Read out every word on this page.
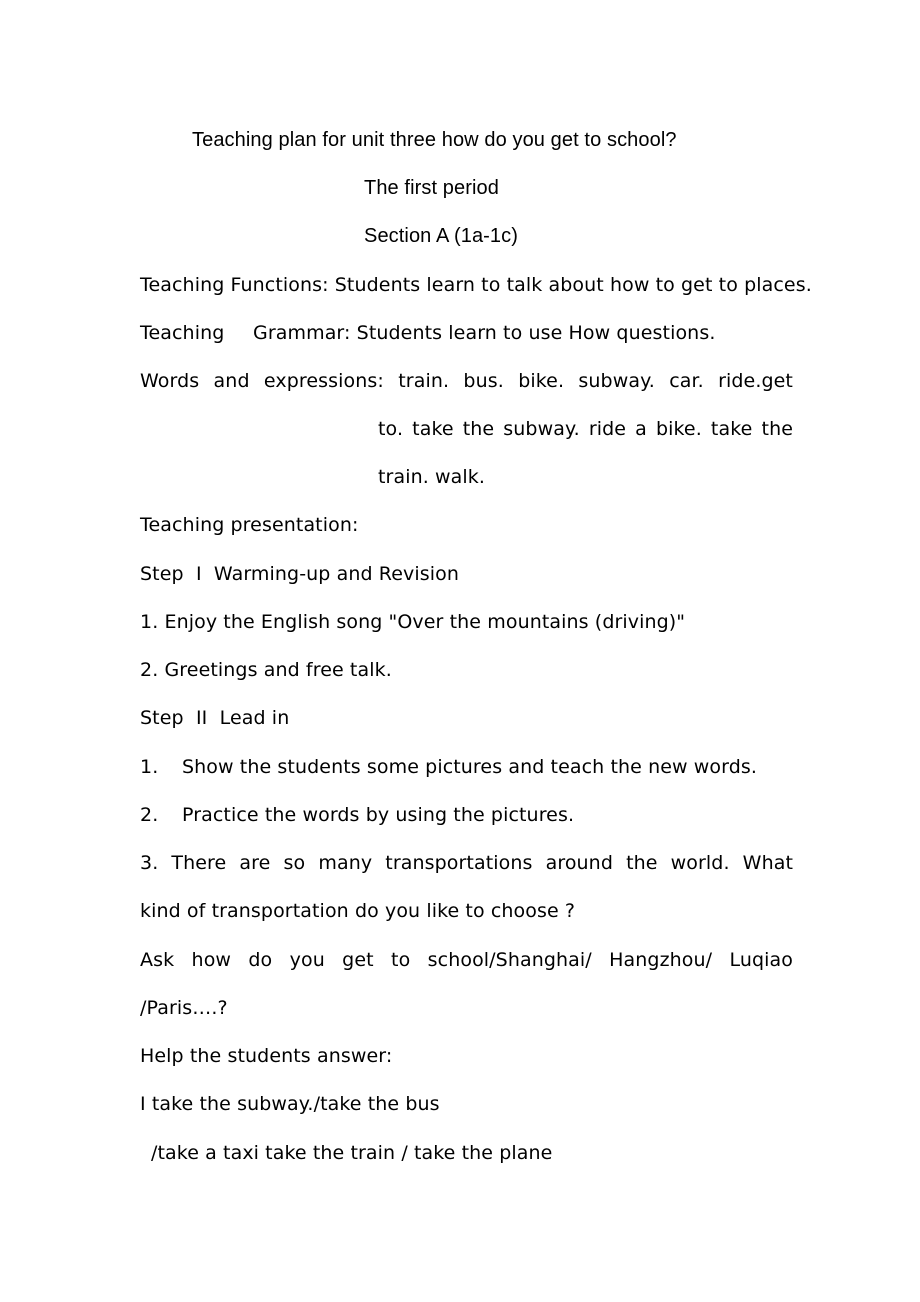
Teaching plan for unit three how do you get to school?
The first period
Section A (1a-1c)
Teaching Functions: Students learn to talk about how to get to places.
Teaching Grammar: Students learn to use How questions.
Words and expressions: train. bus. bike. subway. car. ride.get
to. take the subway. ride a bike. take the
train. walk.
Teaching presentation:
Step  I  Warming-up and Revision
1. Enjoy the English song "Over the mountains (driving)"
2. Greetings and free talk.
Step  II  Lead in
1. Show the students some pictures and teach the new words.
2. Practice the words by using the pictures.
3. There are so many transportations around the world. What
kind of transportation do you like to choose ?
Ask how do you get to school/Shanghai/ Hangzhou/ Luqiao
/Paris….?
Help the students answer:
I take the subway./take the bus
/take a taxi take the train / take the plane
